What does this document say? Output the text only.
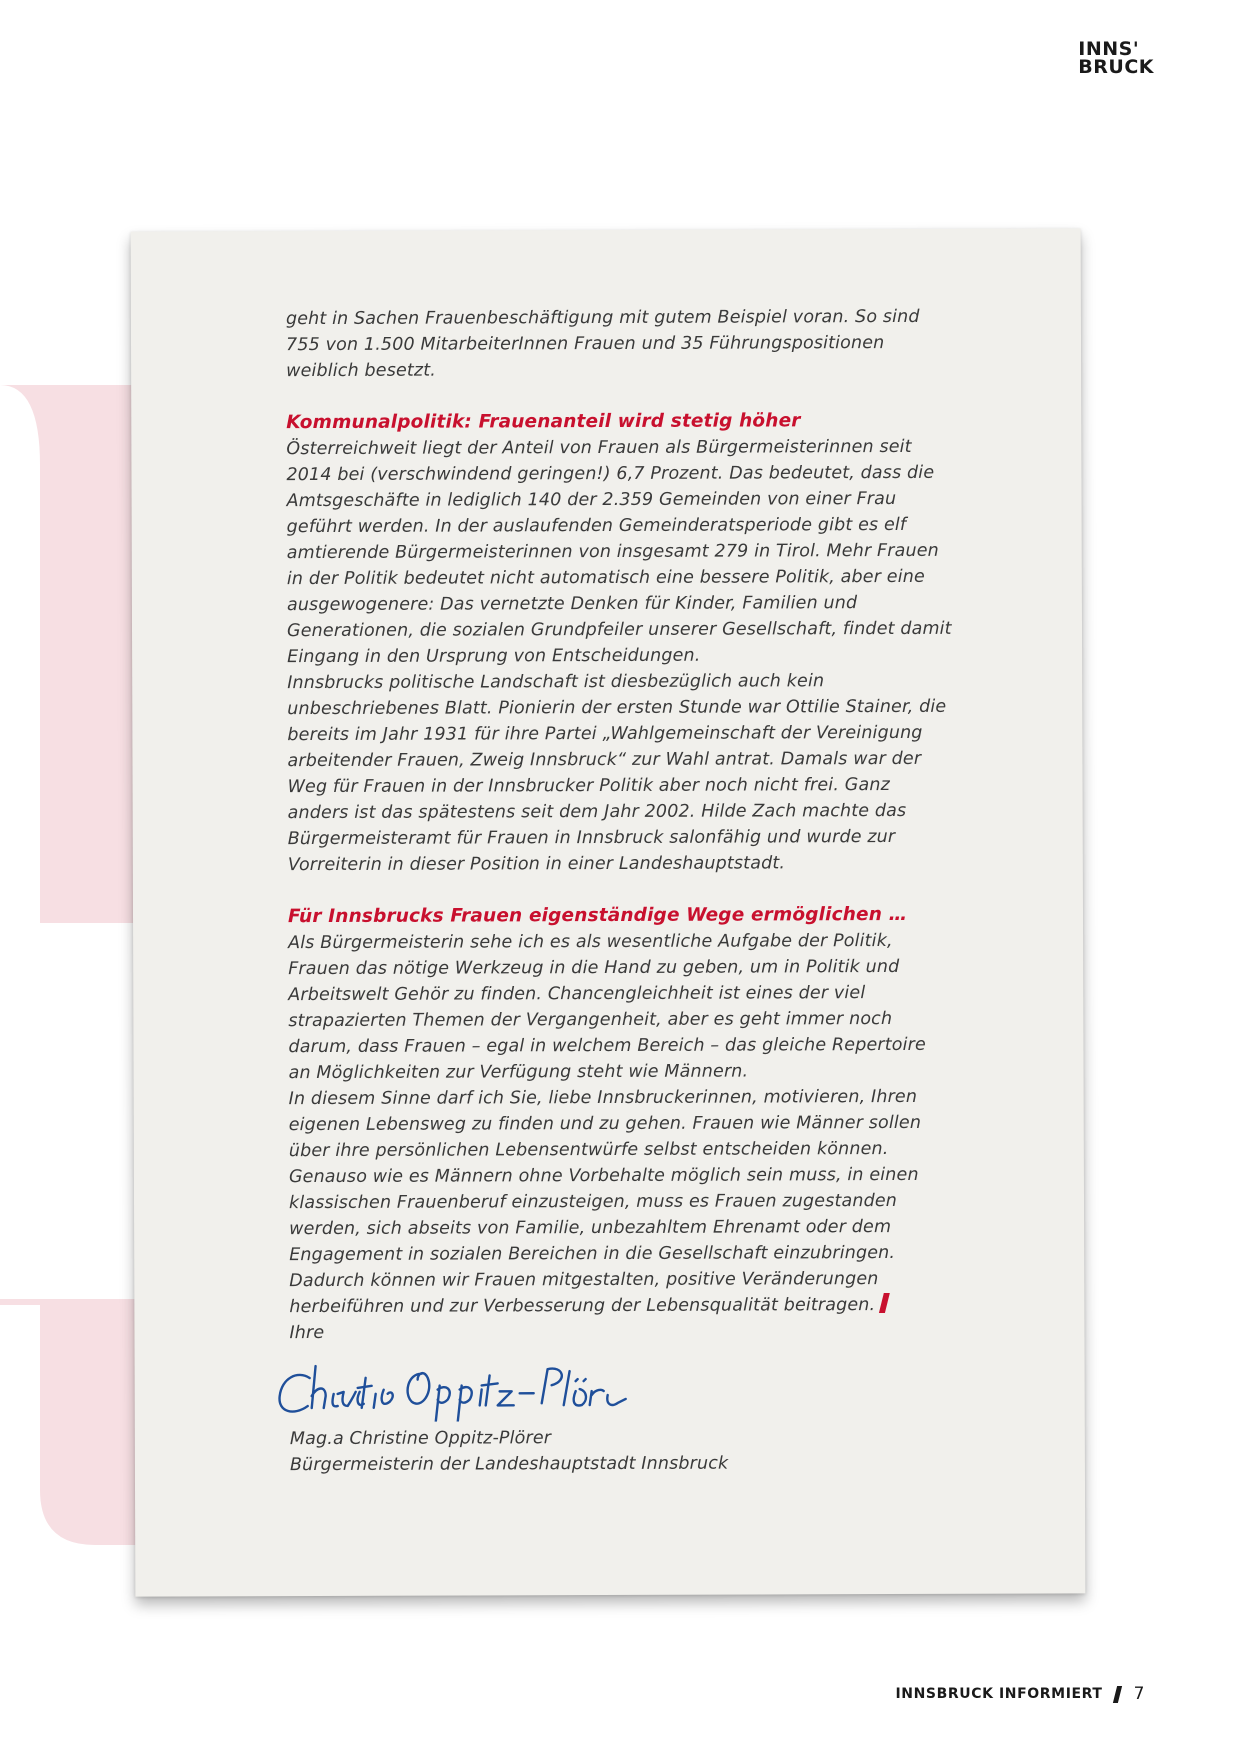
INNS'
BRUCK

geht in Sachen Frauenbeschäftigung mit gutem Beispiel voran. So sind 755 von 1.500 MitarbeiterInnen Frauen und 35 Führungspositionen weiblich besetzt.

Kommunalpolitik: Frauenanteil wird stetig höher

Österreichweit liegt der Anteil von Frauen als Bürgermeisterinnen seit 2014 bei (verschwindend geringen!) 6,7 Prozent. Das bedeutet, dass die Amtsgeschäfte in lediglich 140 der 2.359 Gemeinden von einer Frau geführt werden. In der auslaufenden Gemeinderatsperiode gibt es elf amtierende Bürgermeisterinnen von insgesamt 279 in Tirol. Mehr Frauen in der Politik bedeutet nicht automatisch eine bessere Politik, aber eine ausgewogenere: Das vernetzte Denken für Kinder, Familien und Generationen, die sozialen Grundpfeiler unserer Gesellschaft, findet damit Eingang in den Ursprung von Entscheidungen.

Innsbrucks politische Landschaft ist diesbezüglich auch kein unbeschriebenes Blatt. Pionierin der ersten Stunde war Ottilie Stainer, die bereits im Jahr 1931 für ihre Partei „Wahlgemeinschaft der Vereinigung arbeitender Frauen, Zweig Innsbruck“ zur Wahl antrat. Damals war der Weg für Frauen in der Innsbrucker Politik aber noch nicht frei. Ganz anders ist das spätestens seit dem Jahr 2002. Hilde Zach machte das Bürgermeisteramt für Frauen in Innsbruck salonfähig und wurde zur Vorreiterin in dieser Position in einer Landeshauptstadt.

Für Innsbrucks Frauen eigenständige Wege ermöglichen …

Als Bürgermeisterin sehe ich es als wesentliche Aufgabe der Politik, Frauen das nötige Werkzeug in die Hand zu geben, um in Politik und Arbeitswelt Gehör zu finden. Chancengleichheit ist eines der viel strapazierten Themen der Vergangenheit, aber es geht immer noch darum, dass Frauen – egal in welchem Bereich – das gleiche Repertoire an Möglichkeiten zur Verfügung steht wie Männern.

In diesem Sinne darf ich Sie, liebe Innsbruckerinnen, motivieren, Ihren eigenen Lebensweg zu finden und zu gehen. Frauen wie Männer sollen über ihre persönlichen Lebensentwürfe selbst entscheiden können. Genauso wie es Männern ohne Vorbehalte möglich sein muss, in einen klassischen Frauenberuf einzusteigen, muss es Frauen zugestanden werden, sich abseits von Familie, unbezahltem Ehrenamt oder dem Engagement in sozialen Bereichen in die Gesellschaft einzubringen. Dadurch können wir Frauen mitgestalten, positive Veränderungen herbeiführen und zur Verbesserung der Lebensqualität beitragen.

Ihre

Mag.a Christine Oppitz-Plörer

Bürgermeisterin der Landeshauptstadt Innsbruck

INNSBRUCK INFORMIERT 7
